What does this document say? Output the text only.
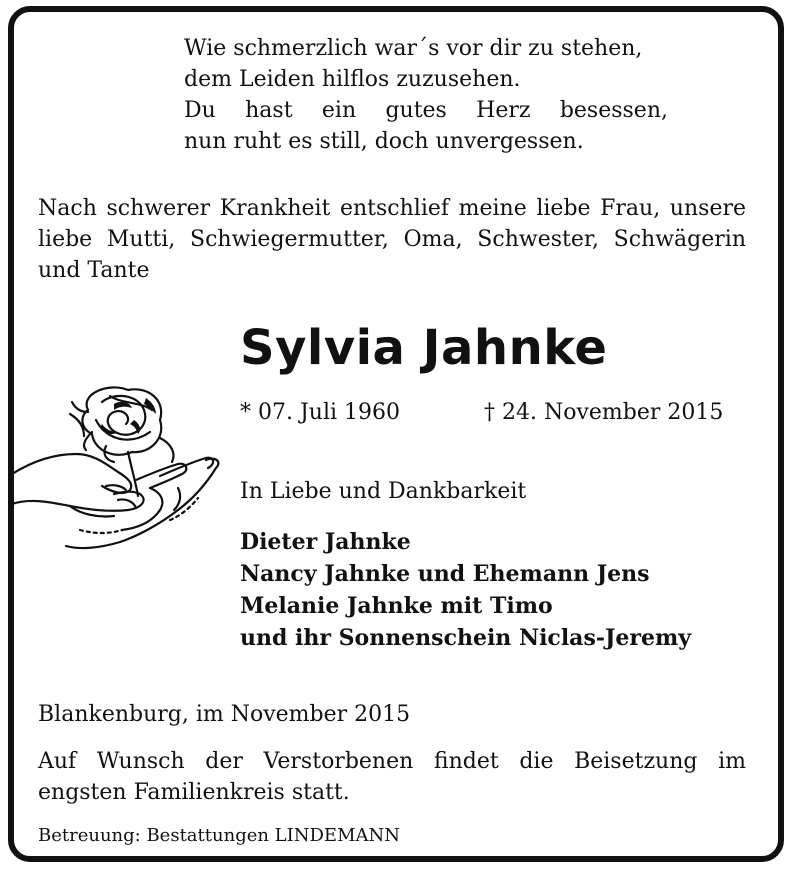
Wie schmerzlich war´s vor dir zu stehen,
dem Leiden hilflos zuzusehen.
Du hast ein gutes Herz besessen,
nun ruht es still, doch unvergessen.
Nach schwerer Krankheit entschlief meine liebe Frau, unsere
liebe Mutti, Schwiegermutter, Oma, Schwester, Schwägerin
und Tante
Sylvia Jahnke
* 07. Juli 1960	† 24. November 2015
In Liebe und Dankbarkeit
Dieter Jahnke
Nancy Jahnke und Ehemann Jens
Melanie Jahnke mit Timo
und ihr Sonnenschein Niclas-Jeremy
Blankenburg, im November 2015
Auf Wunsch der Verstorbenen findet die Beisetzung im
engsten Familienkreis statt.
Betreuung: Bestattungen LINDEMANN
